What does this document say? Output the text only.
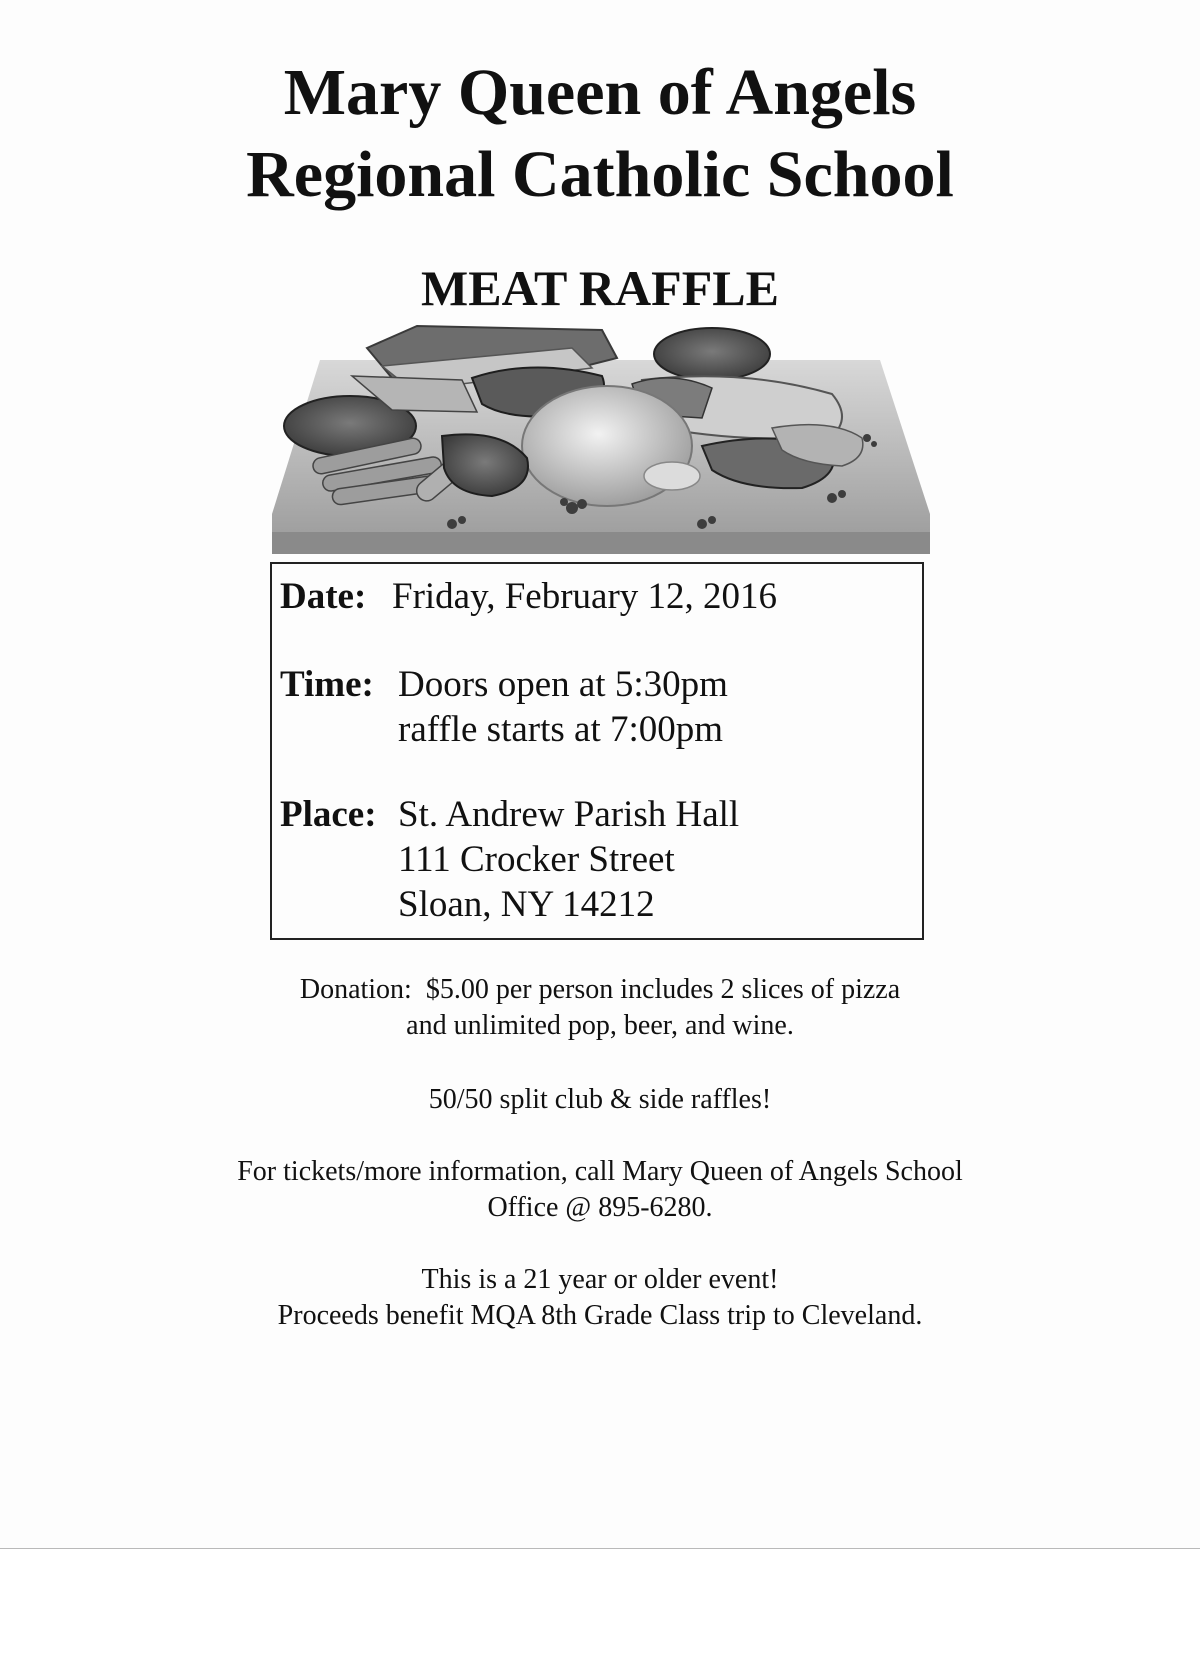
Mary Queen of Angels
Regional Catholic School
MEAT RAFFLE
Date: Friday, February 12, 2016
Time: Doors open at 5:30pm
raffle starts at 7:00pm
Place: St. Andrew Parish Hall
111 Crocker Street
Sloan, NY 14212
Donation:  $5.00 per person includes 2 slices of pizza
and unlimited pop, beer, and wine.
50/50 split club & side raffles!
For tickets/more information, call Mary Queen of Angels School
Office @ 895-6280.
This is a 21 year or older event!
Proceeds benefit MQA 8th Grade Class trip to Cleveland.
